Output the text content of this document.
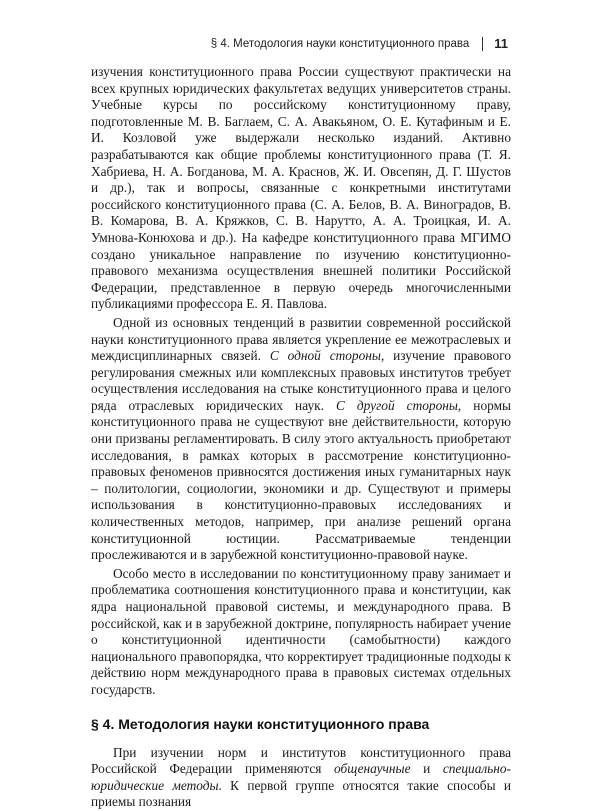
§ 4. Методология науки конституционного права 11

изучения конституционного права России существуют практически на всех крупных юридических факультетах ведущих университетов страны. Учебные курсы по российскому конституционному праву, подготовленные М. В. Баглаем, С. А. Авакьяном, О. Е. Кутафиным и Е. И. Козловой уже выдержали несколько изданий. Активно разрабатываются как общие проблемы конституционного права (Т. Я. Хабриева, Н. А. Богданова, М. А. Краснов, Ж. И. Овсепян, Д. Г. Шустов и др.), так и вопросы, связанные с конкретными институтами российского конституционного права (С. А. Белов, В. А. Виноградов, В. В. Комарова, В. А. Кряжков, С. В. Нарутто, А. А. Троицкая, И. А. Умнова-Конюхова и др.). На кафедре конституционного права МГИМО создано уникальное направление по изучению конституционно-правового механизма осуществления внешней политики Российской Федерации, представленное в первую очередь многочисленными публикациями профессора Е. Я. Павлова.

Одной из основных тенденций в развитии современной российской науки конституционного права является укрепление ее межотраслевых и междисциплинарных связей. С одной стороны, изучение правового регулирования смежных или комплексных правовых институтов требует осуществления исследования на стыке конституционного права и целого ряда отраслевых юридических наук. С другой стороны, нормы конституционного права не существуют вне действительности, которую они призваны регламентировать. В силу этого актуальность приобретают исследования, в рамках которых в рассмотрение конституционно-правовых феноменов привносятся достижения иных гуманитарных наук – политологии, социологии, экономики и др. Существуют и примеры использования в конституционно-правовых исследованиях и количественных методов, например, при анализе решений органа конституционной юстиции. Рассматриваемые тенденции прослеживаются и в зарубежной конституционно-правовой науке.

Особо место в исследовании по конституционному праву занимает и проблематика соотношения конституционного права и конституции, как ядра национальной правовой системы, и международного права. В российской, как и в зарубежной доктрине, популярность набирает учение о конституционной идентичности (самобытности) каждого национального правопорядка, что корректирует традиционные подходы к действию норм международного права в правовых системах отдельных государств.

§ 4. Методология науки конституционного права

При изучении норм и институтов конституционного права Российской Федерации применяются общенаучные и специально-юридические методы. К первой группе относятся такие способы и приемы познания
